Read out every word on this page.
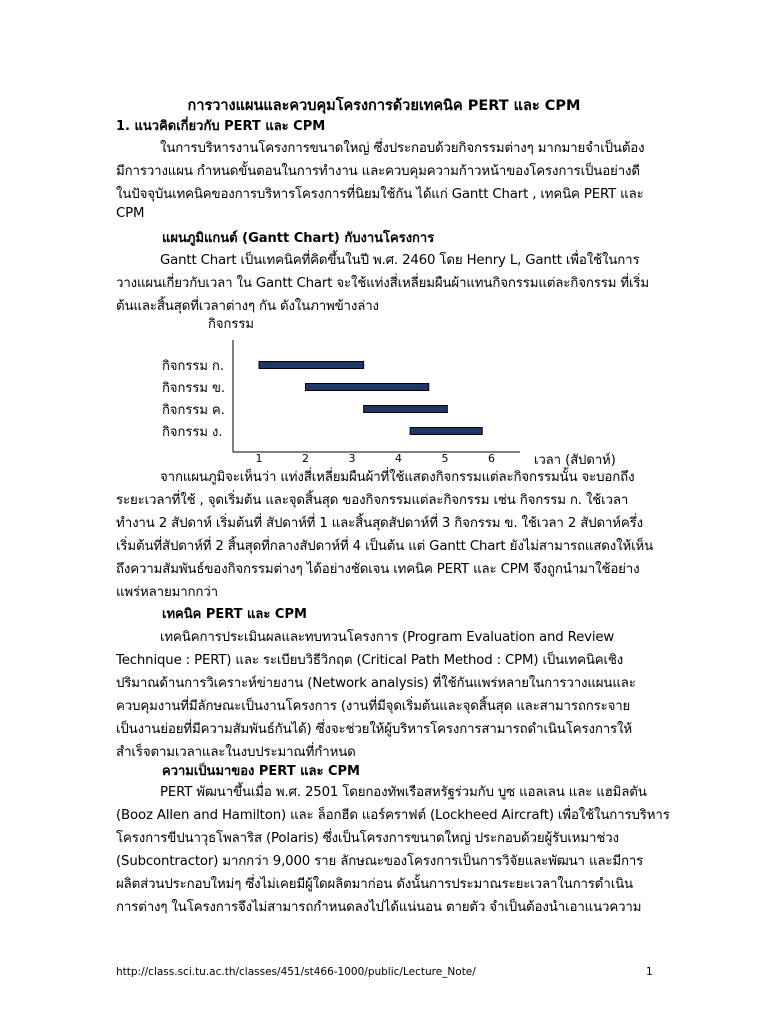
การวางแผนและควบคุมโครงการด้วยเทคนิค PERT และ CPM
1. แนวคิดเกี่ยวกับ PERT และ CPM
ในการบริหารงานโครงการขนาดใหญ่ ซึ่งประกอบด้วยกิจกรรมต่างๆ มากมายจำเป็นต้อง
มีการวางแผน กำหนดขั้นตอนในการทำงาน และควบคุมความก้าวหน้าของโครงการเป็นอย่างดี
ในปัจจุบันเทคนิคของการบริหารโครงการที่นิยมใช้กัน ได้แก่ Gantt Chart , เทคนิค PERT และ
CPM
แผนภูมิแกนต์ (Gantt Chart) กับงานโครงการ
Gantt Chart เป็นเทคนิคที่คิดขึ้นในปี พ.ศ. 2460 โดย Henry L, Gantt เพื่อใช้ในการ
วางแผนเกี่ยวกับเวลา ใน Gantt Chart จะใช้แท่งสี่เหลี่ยมผืนผ้าแทนกิจกรรมแต่ละกิจกรรม ที่เริ่ม
ต้นและสิ้นสุดที่เวลาต่างๆ กัน ดังในภาพข้างล่าง
กิจกรรม
กิจกรรม ก.
กิจกรรม ข.
กิจกรรม ค.
กิจกรรม ง.
1	2	3	4	5	6	เวลา (สัปดาห์)
จากแผนภูมิจะเห็นว่า แท่งสี่เหลี่ยมผืนผ้าที่ใช้แสดงกิจกรรมแต่ละกิจกรรมนั้น จะบอกถึง
ระยะเวลาที่ใช้ , จุดเริ่มต้น และจุดสิ้นสุด ของกิจกรรมแต่ละกิจกรรม เช่น กิจกรรม ก. ใช้เวลา
ทำงาน 2 สัปดาห์ เริ่มต้นที่ สัปดาห์ที่ 1 และสิ้นสุดสัปดาห์ที่ 3 กิจกรรม ข. ใช้เวลา 2 สัปดาห์ครึ่ง
เริ่มต้นที่สัปดาห์ที่ 2 สิ้นสุดที่กลางสัปดาห์ที่ 4 เป็นต้น แต่ Gantt Chart ยังไม่สามารถแสดงให้เห็น
ถึงความสัมพันธ์ของกิจกรรมต่างๆ ได้อย่างชัดเจน เทคนิค PERT และ CPM จึงถูกนำมาใช้อย่าง
แพร่หลายมากกว่า
เทคนิค PERT และ CPM
เทคนิคการประเมินผลและทบทวนโครงการ (Program Evaluation and Review
Technique : PERT) และ ระเบียบวิธีวิกฤต (Critical Path Method : CPM) เป็นเทคนิคเชิง
ปริมาณด้านการวิเคราะห์ข่ายงาน (Network analysis) ที่ใช้กันแพร่หลายในการวางแผนและ
ควบคุมงานที่มีลักษณะเป็นงานโครงการ (งานที่มีจุดเริ่มต้นและจุดสิ้นสุด และสามารถกระจาย
เป็นงานย่อยที่มีความสัมพันธ์กันได้) ซึ่งจะช่วยให้ผู้บริหารโครงการสามารถดำเนินโครงการให้
สำเร็จตามเวลาและในงบประมาณที่กำหนด
ความเป็นมาของ PERT และ CPM
PERT พัฒนาขึ้นเมื่อ พ.ศ. 2501 โดยกองทัพเรือสหรัฐร่วมกับ บูซ แอลเลน และ แฮมิลตัน
(Booz Allen and Hamilton) และ ล็อกฮีด แอร์คราฟต์ (Lockheed Aircraft) เพื่อใช้ในการบริหาร
โครงการขีปนาวุธโพลาริส (Polaris) ซึ่งเป็นโครงการขนาดใหญ่ ประกอบด้วยผู้รับเหมาช่วง
(Subcontractor) มากกว่า 9,000 ราย ลักษณะของโครงการเป็นการวิจัยและพัฒนา และมีการ
ผลิตส่วนประกอบใหม่ๆ ซึ่งไม่เคยมีผู้ใดผลิตมาก่อน ดังนั้นการประมาณระยะเวลาในการดำเนิน
การต่างๆ ในโครงการจึงไม่สามารถกำหนดลงไปได้แน่นอน ตายตัว จำเป็นต้องนำเอาแนวความ
http://class.sci.tu.ac.th/classes/451/st466-1000/public/Lecture_Note/	1
